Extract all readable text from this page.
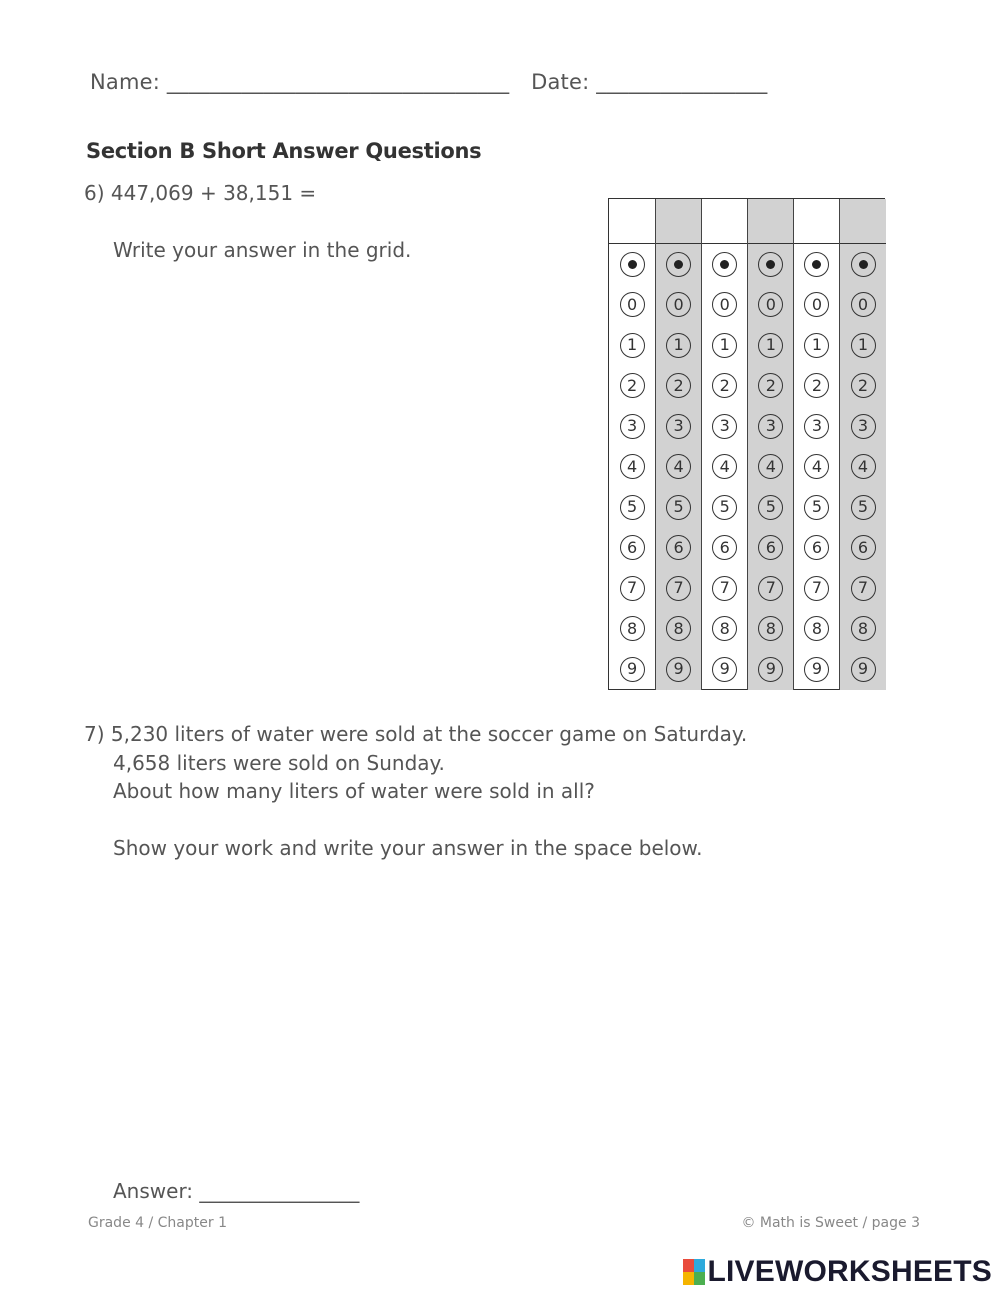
Name: ________________________________ Date: ________________
Section B Short Answer Questions
6) 447,069 + 38,151 =
Write your answer in the grid.
0
1
2
3
4
5
6
7
8
9
0
1
2
3
4
5
6
7
8
9
0
1
2
3
4
5
6
7
8
9
0
1
2
3
4
5
6
7
8
9
0
1
2
3
4
5
6
7
8
9
0
1
2
3
4
5
6
7
8
9
7) 5,230 liters of water were sold at the soccer game on Saturday.
4,658 liters were sold on Sunday.
About how many liters of water were sold in all?
Show your work and write your answer in the space below.
Answer: ________________
Grade 4 / Chapter 1	© Math is Sweet / page 3
LIVEWORKSHEETS
